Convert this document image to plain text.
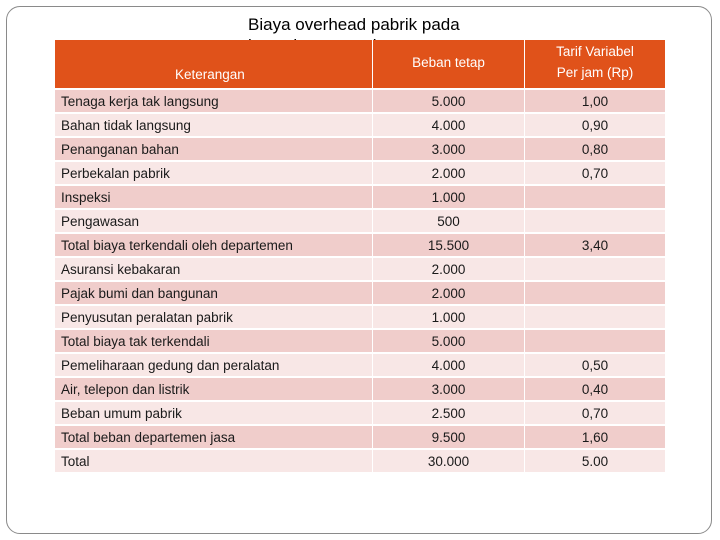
Biaya overhead pabrik pada
Keterangan	Beban tetap	Tarif Variabel
Per jam (Rp)
Tenaga kerja tak langsung	5.000	1,00
Bahan tidak langsung	4.000	0,90
Penanganan bahan	3.000	0,80
Perbekalan pabrik	2.000	0,70
Inspeksi	1.000	
Pengawasan	500	
Total biaya terkendali oleh departemen	15.500	3,40
Asuransi kebakaran	2.000	
Pajak bumi dan bangunan	2.000	
Penyusutan peralatan pabrik	1.000	
Total biaya tak terkendali	5.000	
Pemeliharaan gedung dan peralatan	4.000	0,50
Air, telepon dan listrik	3.000	0,40
Beban umum pabrik	2.500	0,70
Total beban departemen jasa	9.500	1,60
Total	30.000	5.00
